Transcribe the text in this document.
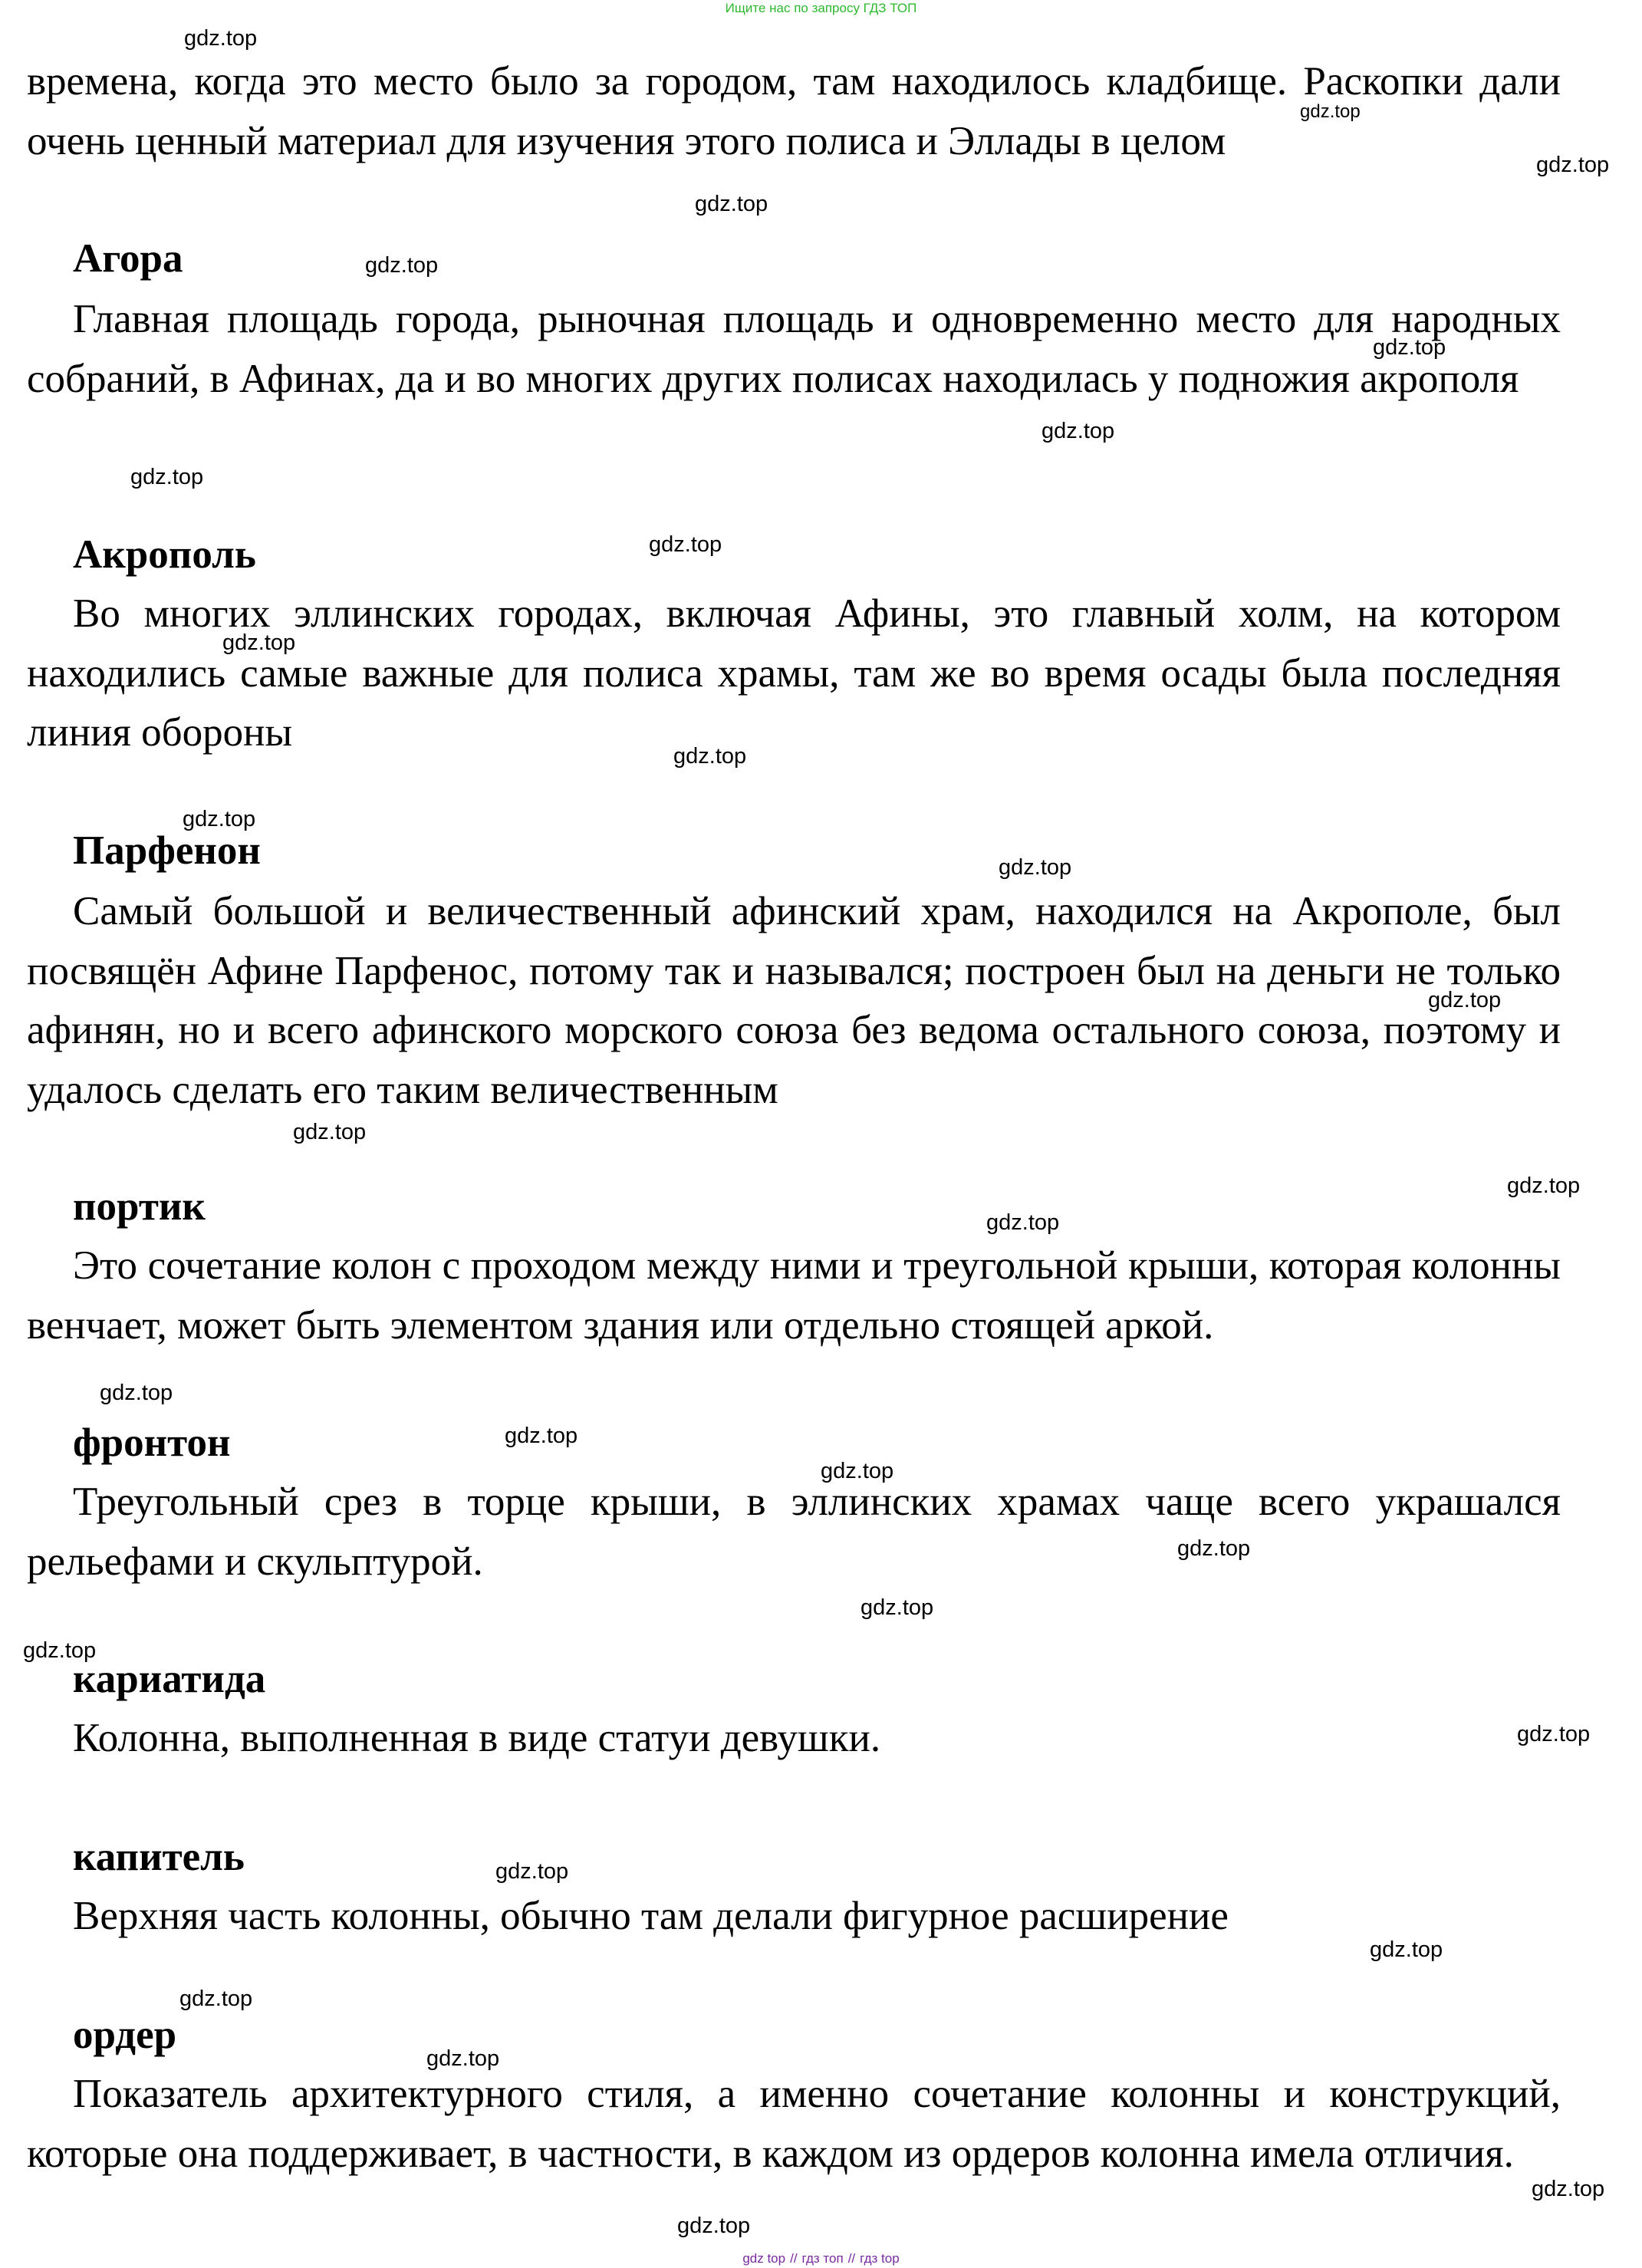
Ищите нас по запросу ГДЗ ТОП

времена, когда это место было за городом, там находилось кладбище. Раскопки дали очень ценный материал для изучения этого полиса и Эллады в целом

Агора

Главная площадь города, рыночная площадь и одновременно место для народных собраний, в Афинах, да и во многих других полисах находилась у подножия акрополя

Акрополь

Во многих эллинских городах, включая Афины, это главный холм, на котором находились самые важные для полиса храмы, там же во время осады была последняя линия обороны

Парфенон

Самый большой и величественный афинский храм, находился на Акрополе, был посвящён Афине Парфенос, потому так и назывался; построен был на деньги не только афинян, но и всего афинского морского союза без ведома остального союза, поэтому и удалось сделать его таким величественным

портик

Это сочетание колон с проходом между ними и треугольной крыши, которая колонны венчает, может быть элементом здания или отдельно стоящей аркой.

фронтон

Треугольный срез в торце крыши, в эллинских храмах чаще всего украшался рельефами и скульптурой.

кариатида

Колонна, выполненная в виде статуи девушки.

капитель

Верхняя часть колонны, обычно там делали фигурное расширение

ордер

Показатель архитектурного стиля, а именно сочетание колонны и конструкций, которые она поддерживает, в частности, в каждом из ордеров колонна имела отличия.

gdz.top
gdz.top
gdz.top
gdz.top
gdz.top
gdz.top
gdz.top
gdz.top
gdz.top
gdz.top
gdz.top
gdz.top
gdz.top
gdz.top
gdz.top
gdz.top
gdz.top
gdz.top
gdz.top
gdz.top
gdz.top
gdz.top
gdz.top
gdz.top
gdz.top
gdz.top
gdz.top
gdz.top
gdz.top
gdz.top
gdz top // гдз топ // гдз top
